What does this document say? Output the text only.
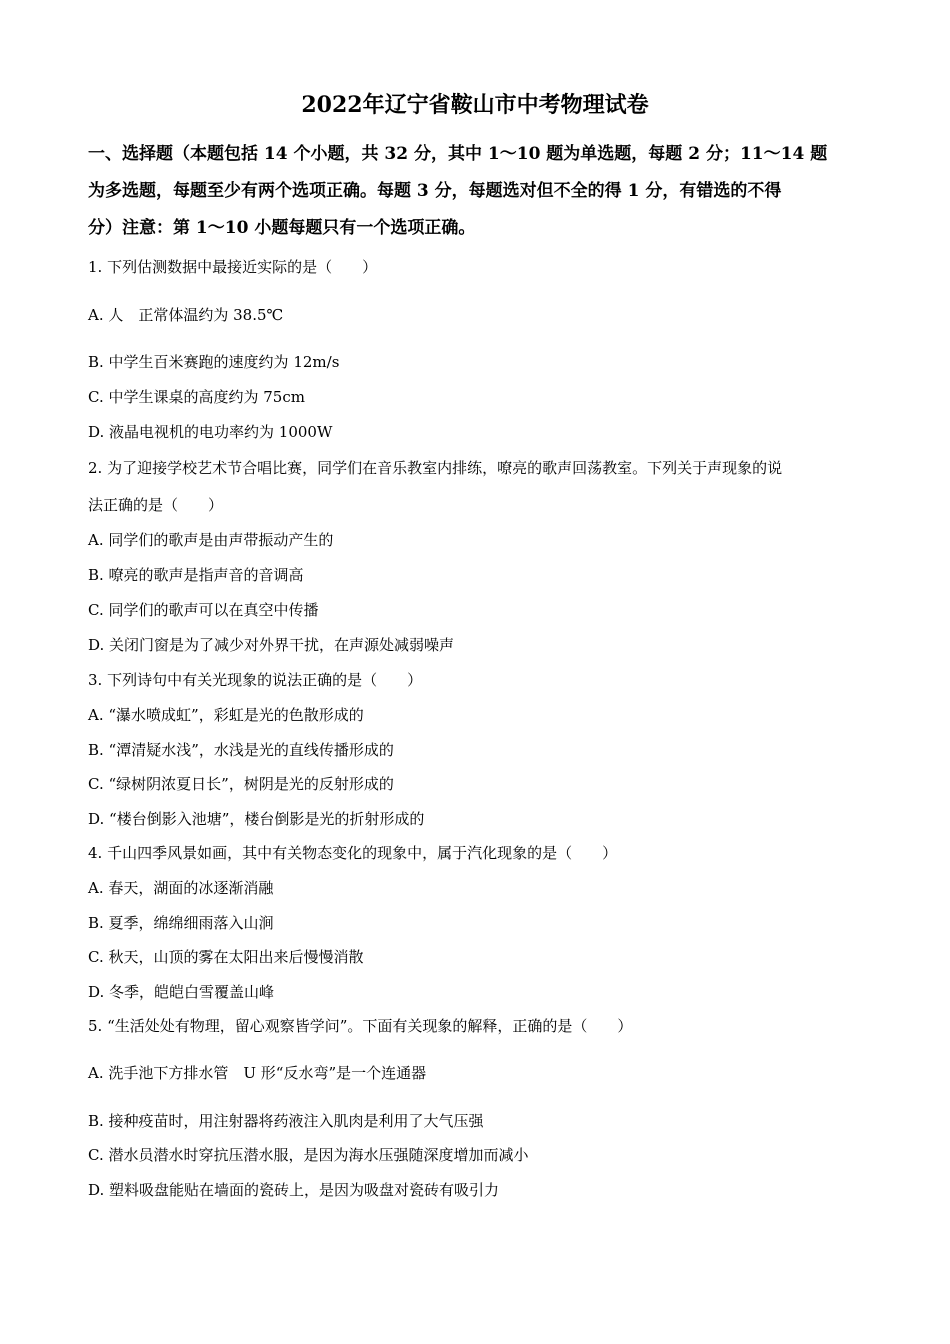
2022年辽宁省鞍山市中考物理试卷
一、选择题（本题包括 14 个小题，共 32 分，其中 1～10 题为单选题，每题 2 分；11～14 题
为多选题，每题至少有两个选项正确。每题 3 分，每题选对但不全的得 1 分，有错选的不得
分）注意：第 1～10 小题每题只有一个选项正确。
1. 下列估测数据中最接近实际的是（　　）
A. 人　正常体温约为 38.5℃
B. 中学生百米赛跑的速度约为 12m/s
C. 中学生课桌的高度约为 75cm
D. 液晶电视机的电功率约为 1000W
2. 为了迎接学校艺术节合唱比赛，同学们在音乐教室内排练，嘹亮的歌声回荡教室。下列关于声现象的说
法正确的是（　　）
A. 同学们的歌声是由声带振动产生的
B. 嘹亮的歌声是指声音的音调高
C. 同学们的歌声可以在真空中传播
D. 关闭门窗是为了减少对外界干扰，在声源处减弱噪声
3. 下列诗句中有关光现象的说法正确的是（　　）
A. “瀑水喷成虹”，彩虹是光的色散形成的
B. “潭清疑水浅”，水浅是光的直线传播形成的
C. “绿树阴浓夏日长”，树阴是光的反射形成的
D. “楼台倒影入池塘”，楼台倒影是光的折射形成的
4. 千山四季风景如画，其中有关物态变化的现象中，属于汽化现象的是（　　）
A. 春天，湖面的冰逐渐消融
B. 夏季，绵绵细雨落入山涧
C. 秋天，山顶的雾在太阳出来后慢慢消散
D. 冬季，皑皑白雪覆盖山峰
5. “生活处处有物理，留心观察皆学问”。下面有关现象的解释，正确的是（　　）
A. 洗手池下方排水管　U 形“反水弯”是一个连通器
B. 接种疫苗时，用注射器将药液注入肌肉是利用了大气压强
C. 潜水员潜水时穿抗压潜水服，是因为海水压强随深度增加而减小
D. 塑料吸盘能贴在墙面的瓷砖上，是因为吸盘对瓷砖有吸引力
